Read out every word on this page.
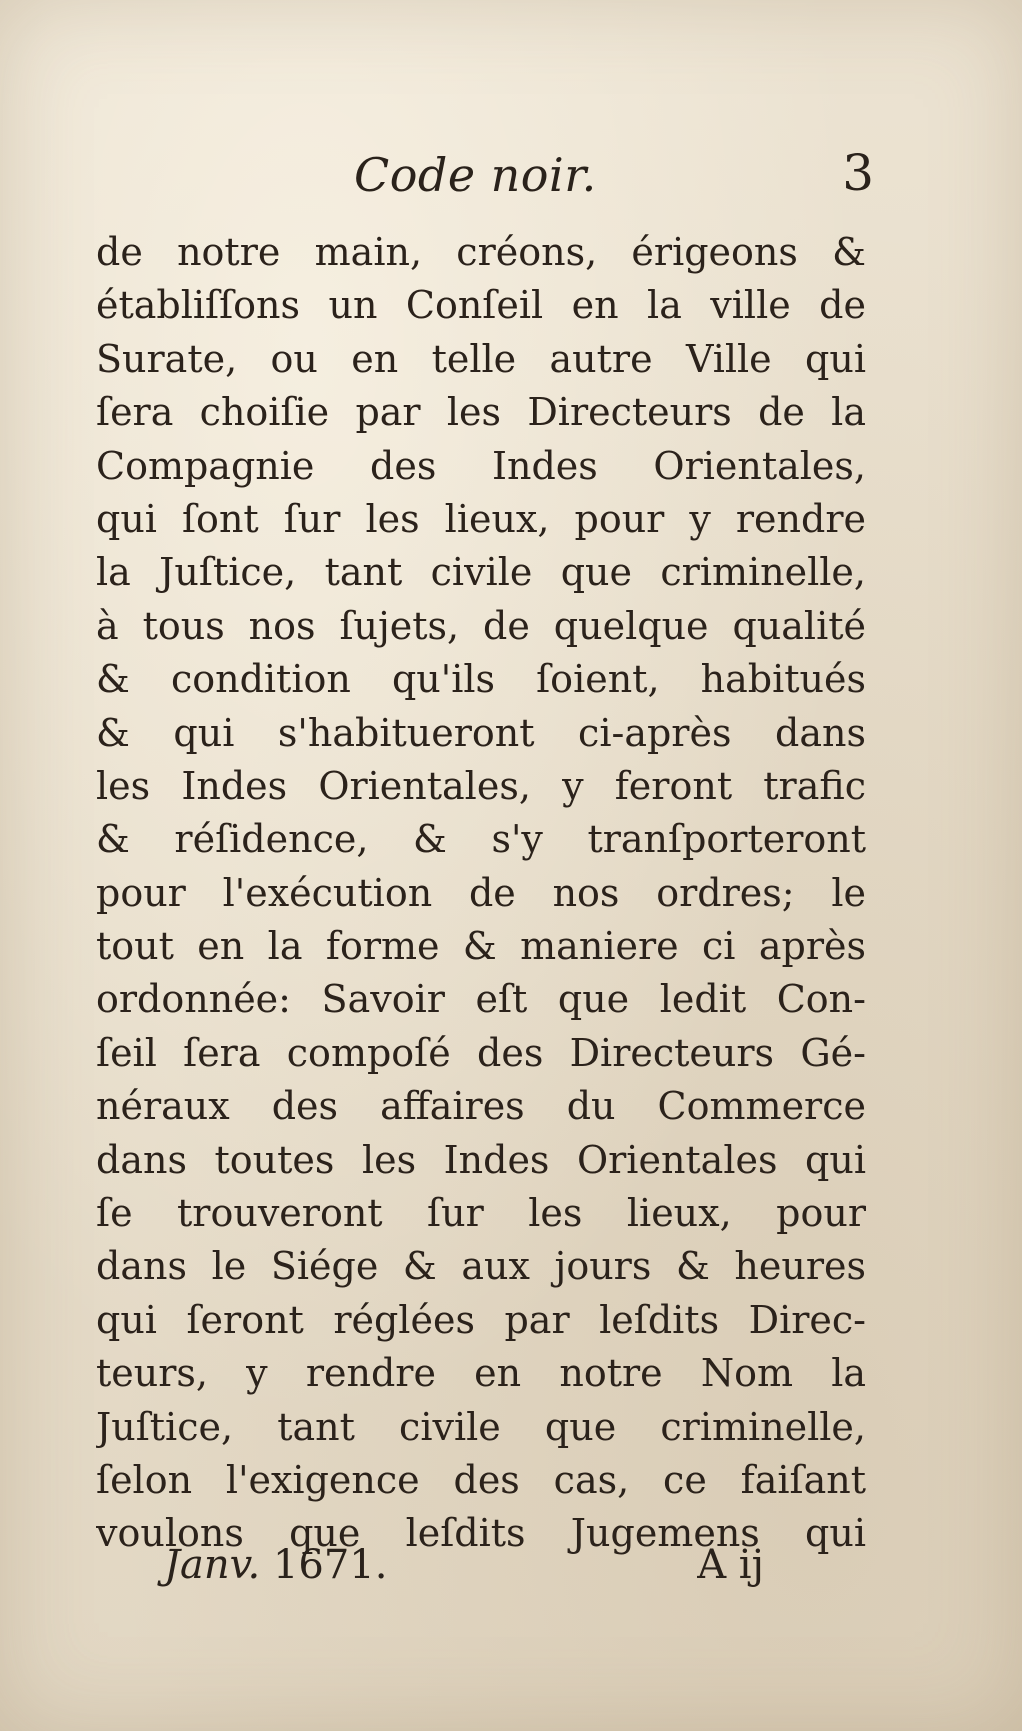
Code noir.	3
de notre main, créons, érigeons &
établiſſons un Conſeil en la ville de
Surate, ou en telle autre Ville qui
ſera choiſie par les Directeurs de la
Compagnie des Indes Orientales,
qui ſont ſur les lieux, pour y rendre
la Juſtice, tant civile que criminelle,
à tous nos ſujets, de quelque qualité
& condition qu'ils ſoient, habitués
& qui s'habitueront ci-après dans
les Indes Orientales, y feront trafic
& réſidence, & s'y tranſporteront
pour l'exécution de nos ordres; le
tout en la forme & maniere ci après
ordonnée: Savoir eſt que ledit Con-
ſeil ſera compoſé des Directeurs Gé-
néraux des affaires du Commerce
dans toutes les Indes Orientales qui
ſe trouveront ſur les lieux, pour
dans le Siége & aux jours & heures
qui ſeront réglées par leſdits Direc-
teurs, y rendre en notre Nom la
Juſtice, tant civile que criminelle,
ſelon l'exigence des cas, ce faiſant
voulons que leſdits Jugemens qui
Janv. 1671.	A ij
